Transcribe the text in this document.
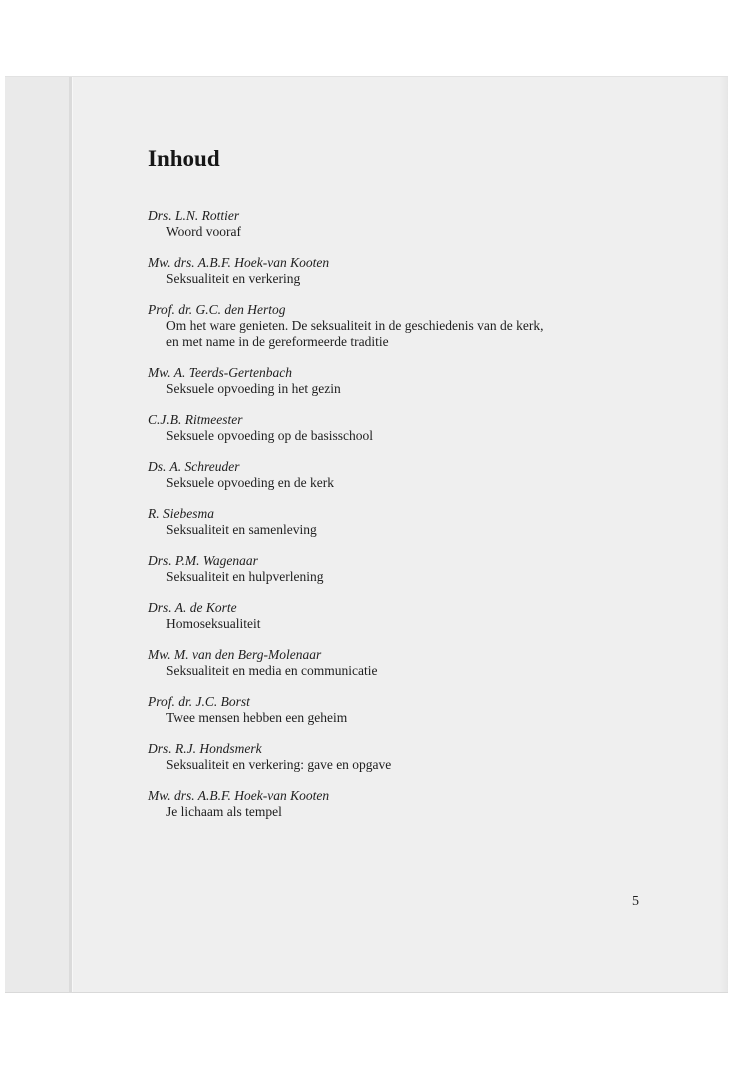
Inhoud
Drs. L.N. Rottier
Woord vooraf
Mw. drs. A.B.F. Hoek-van Kooten
Seksualiteit en verkering
Prof. dr. G.C. den Hertog
Om het ware genieten. De seksualiteit in de geschiedenis van de kerk,
en met name in de gereformeerde traditie
Mw. A. Teerds-Gertenbach
Seksuele opvoeding in het gezin
C.J.B. Ritmeester
Seksuele opvoeding op de basisschool
Ds. A. Schreuder
Seksuele opvoeding en de kerk
R. Siebesma
Seksualiteit en samenleving
Drs. P.M. Wagenaar
Seksualiteit en hulpverlening
Drs. A. de Korte
Homoseksualiteit
Mw. M. van den Berg-Molenaar
Seksualiteit en media en communicatie
Prof. dr. J.C. Borst
Twee mensen hebben een geheim
Drs. R.J. Hondsmerk
Seksualiteit en verkering: gave en opgave
Mw. drs. A.B.F. Hoek-van Kooten
Je lichaam als tempel
5
